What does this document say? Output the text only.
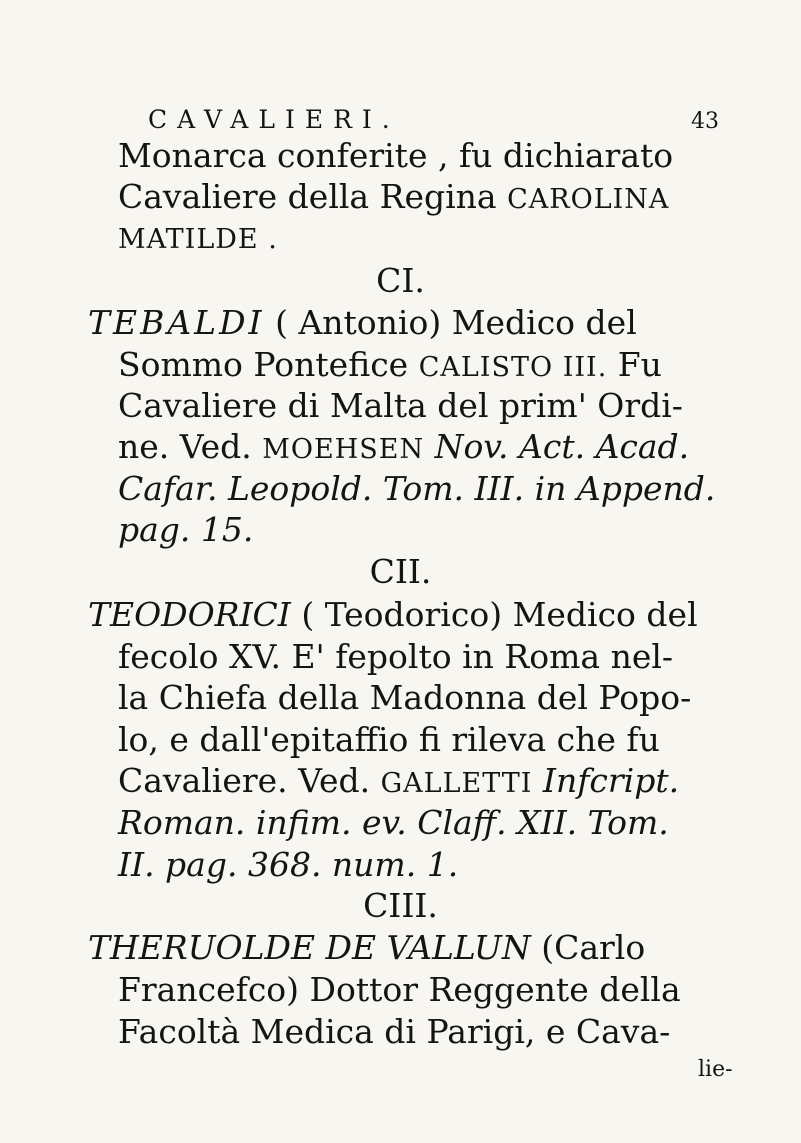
CAVALIERI.	43
Monarca conferite , fu dichiarato
Cavaliere della Regina CAROLINA
MATILDE .
CI.
TEBALDI ( Antonio) Medico del
Sommo Pontefice CALISTO III. Fu
Cavaliere di Malta del prim' Ordi-
ne. Ved. MOEHSEN Nov. Act. Acad.
Cafar. Leopold. Tom. III. in Append.
pag. 15.
CII.
TEODORICI ( Teodorico) Medico del
fecolo XV. E' fepolto in Roma nel-
la Chiefa della Madonna del Popo-
lo, e dall'epitaffio fi rileva che fu
Cavaliere. Ved. GALLETTI Infcript.
Roman. infim. ev. Claff. XII. Tom.
II. pag. 368. num. 1.
CIII.
THERUOLDE DE VALLUN (Carlo
Francefco) Dottor Reggente della
Facoltà Medica di Parigi, e Cava-
lie-
